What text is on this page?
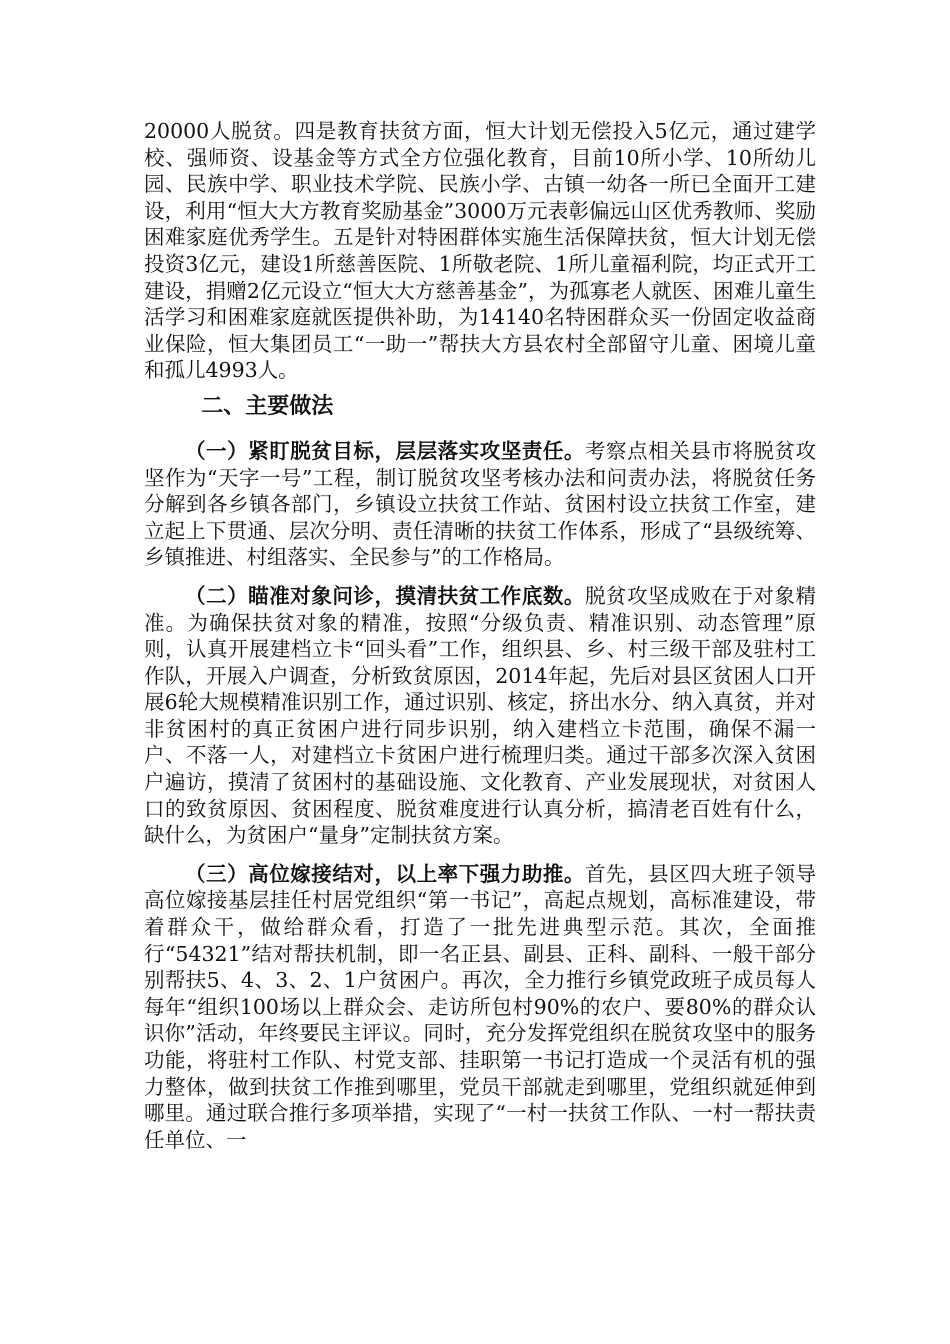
20000人脱贫。四是教育扶贫方面，恒大计划无偿投入5亿元，通过建学校、强师资、设基金等方式全方位强化教育，目前10所小学、10所幼儿园、民族中学、职业技术学院、民族小学、古镇一幼各一所已全面开工建设，利用“恒大大方教育奖励基金”3000万元表彰偏远山区优秀教师、奖励困难家庭优秀学生。五是针对特困群体实施生活保障扶贫，恒大计划无偿投资3亿元，建设1所慈善医院、1所敬老院、1所儿童福利院，均正式开工建设，捐赠2亿元设立“恒大大方慈善基金”，为孤寡老人就医、困难儿童生活学习和困难家庭就医提供补助，为14140名特困群众买一份固定收益商业保险，恒大集团员工“一助一”帮扶大方县农村全部留守儿童、困境儿童和孤儿4993人。

二、主要做法

（一）紧盯脱贫目标，层层落实攻坚责任。考察点相关县市将脱贫攻坚作为“天字一号”工程，制订脱贫攻坚考核办法和问责办法，将脱贫任务分解到各乡镇各部门，乡镇设立扶贫工作站、贫困村设立扶贫工作室，建立起上下贯通、层次分明、责任清晰的扶贫工作体系，形成了“县级统筹、乡镇推进、村组落实、全民参与”的工作格局。

（二）瞄准对象问诊，摸清扶贫工作底数。脱贫攻坚成败在于对象精准。为确保扶贫对象的精准，按照“分级负责、精准识别、动态管理”原则，认真开展建档立卡“回头看”工作，组织县、乡、村三级干部及驻村工作队，开展入户调查，分析致贫原因，2014年起，先后对县区贫困人口开展6轮大规模精准识别工作，通过识别、核定，挤出水分、纳入真贫，并对非贫困村的真正贫困户进行同步识别，纳入建档立卡范围，确保不漏一户、不落一人，对建档立卡贫困户进行梳理归类。通过干部多次深入贫困户遍访，摸清了贫困村的基础设施、文化教育、产业发展现状，对贫困人口的致贫原因、贫困程度、脱贫难度进行认真分析，搞清老百姓有什么，缺什么，为贫困户“量身”定制扶贫方案。

（三）高位嫁接结对，以上率下强力助推。首先，县区四大班子领导高位嫁接基层挂任村居党组织“第一书记”，高起点规划，高标准建设，带着群众干，做给群众看，打造了一批先进典型示范。其次，全面推行“54321”结对帮扶机制，即一名正县、副县、正科、副科、一般干部分别帮扶5、4、3、2、1户贫困户。再次，全力推行乡镇党政班子成员每人每年“组织100场以上群众会、走访所包村90%的农户、要80%的群众认识你”活动，年终要民主评议。同时，充分发挥党组织在脱贫攻坚中的服务功能，将驻村工作队、村党支部、挂职第一书记打造成一个灵活有机的强力整体，做到扶贫工作推到哪里，党员干部就走到哪里，党组织就延伸到哪里。通过联合推行多项举措，实现了“一村一扶贫工作队、一村一帮扶责任单位、一
